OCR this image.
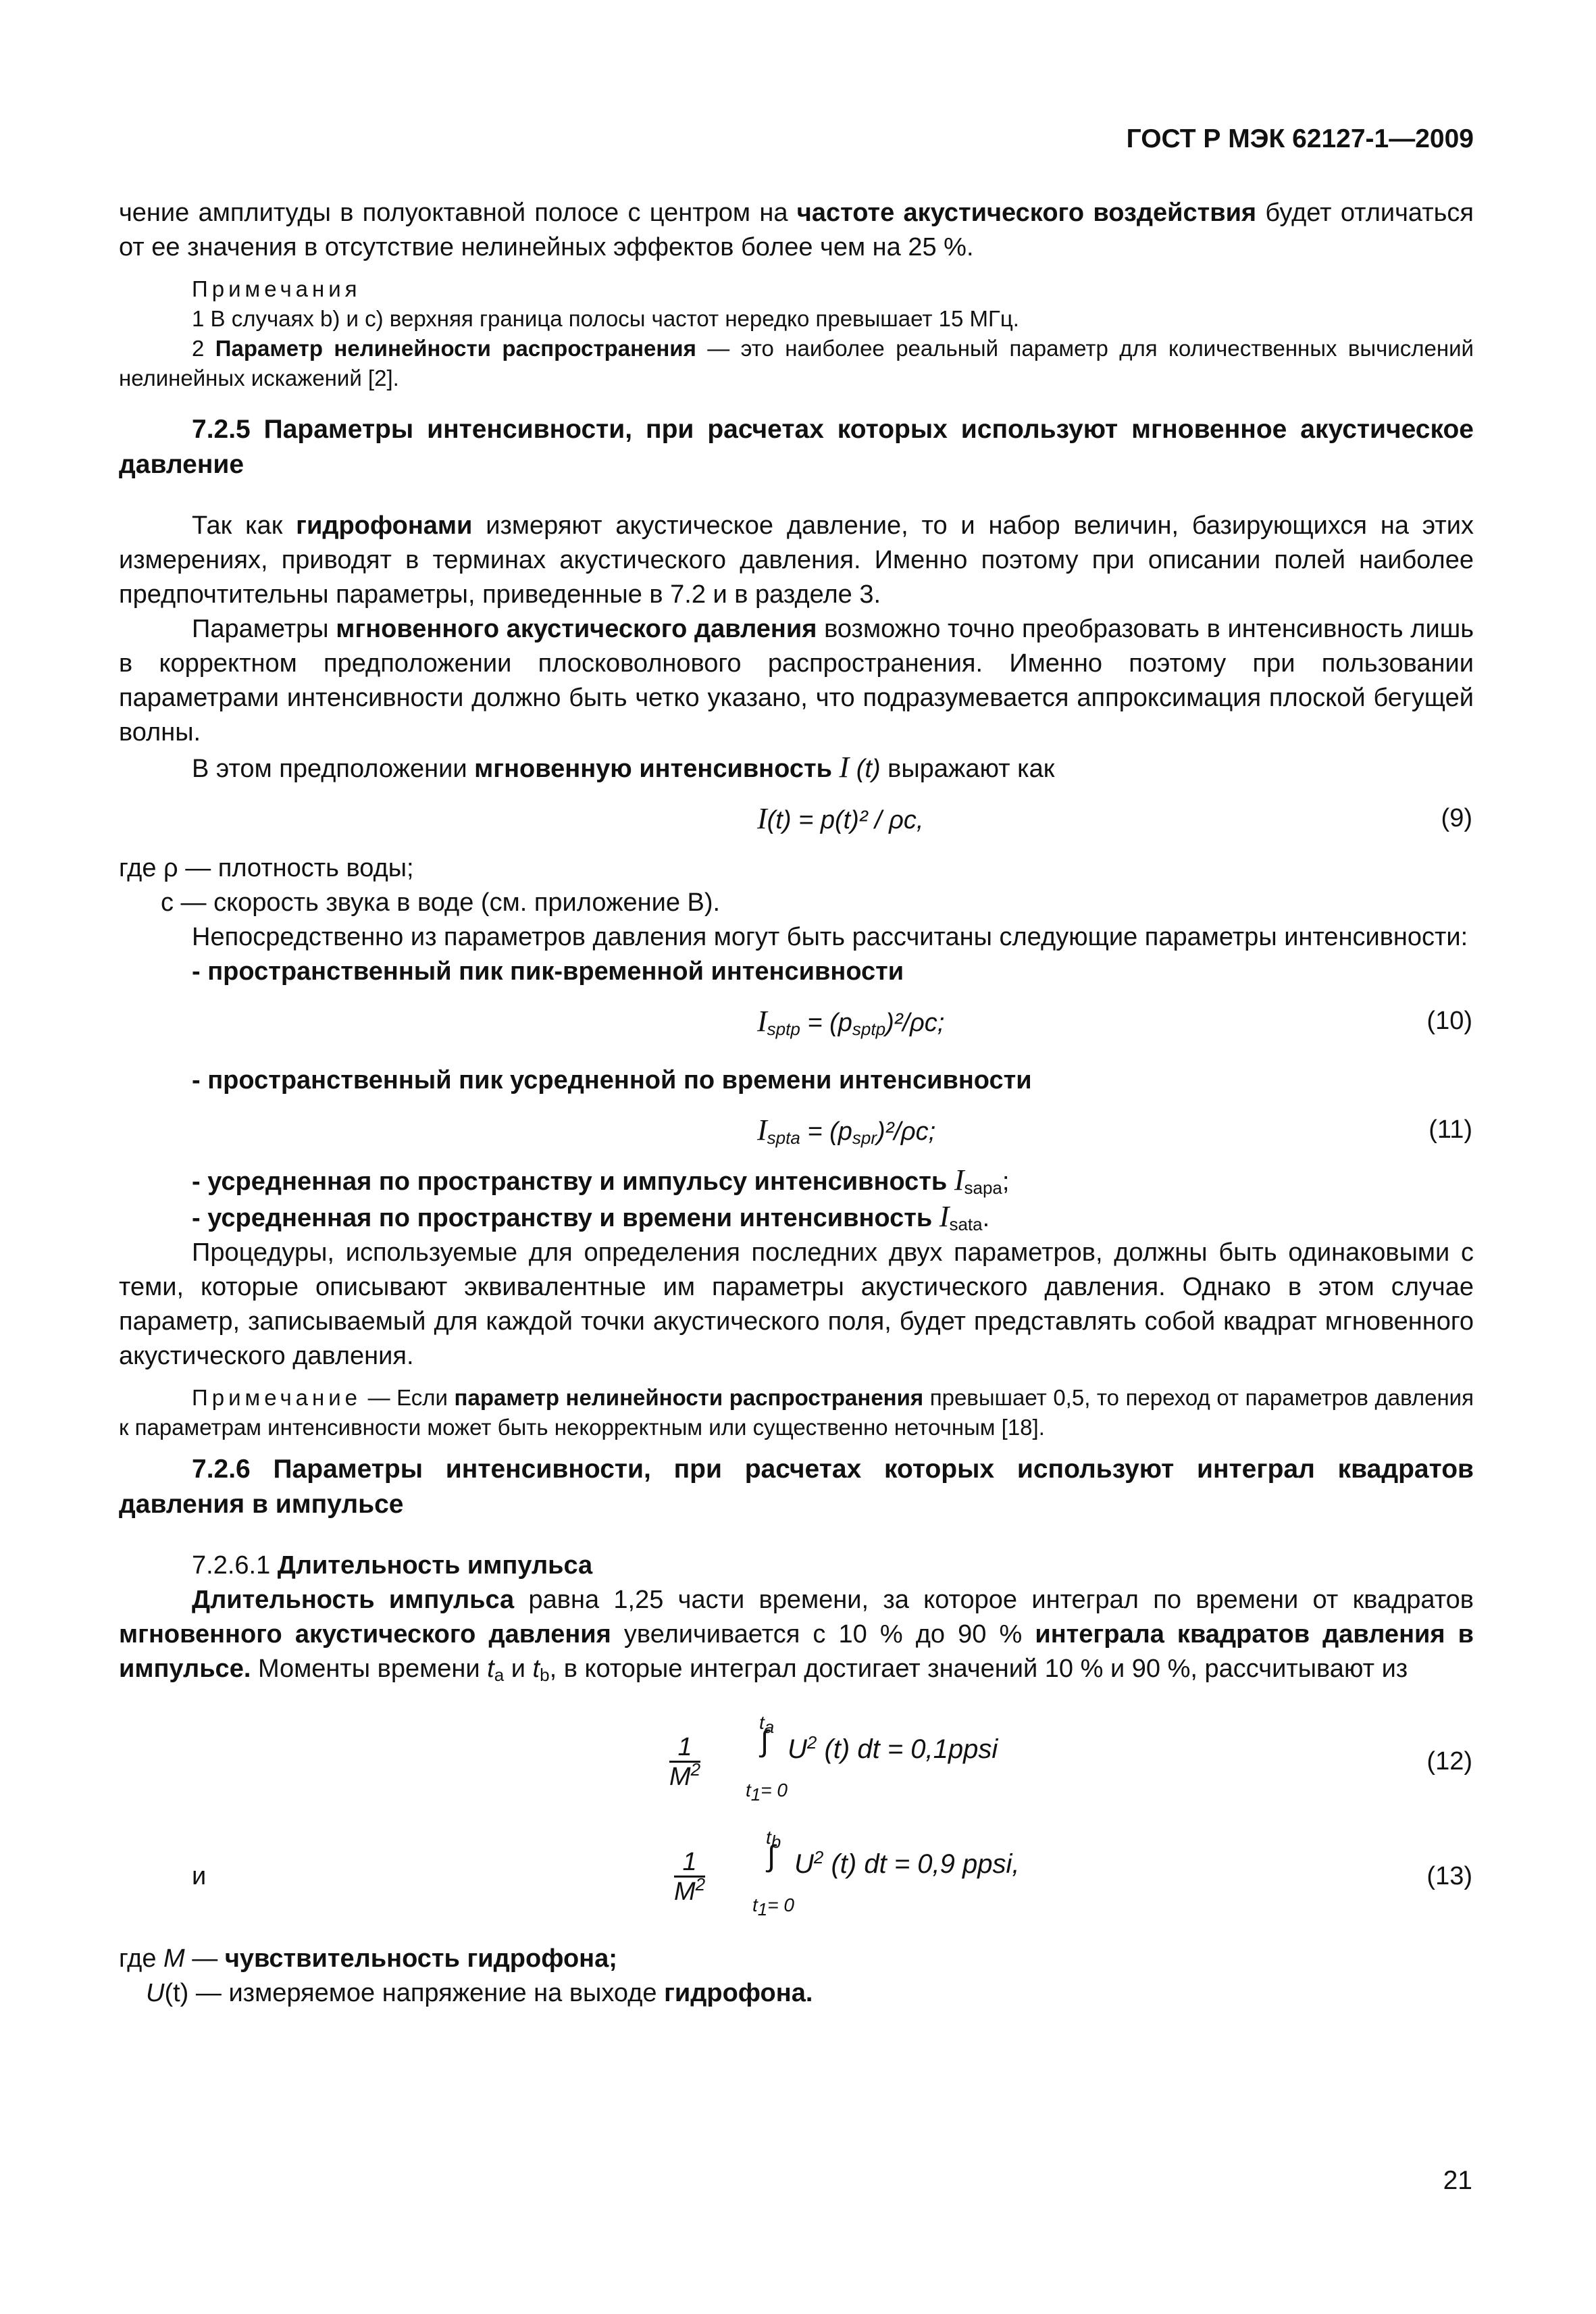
ГОСТ Р МЭК 62127-1—2009

чение амплитуды в полуоктавной полосе с центром на частоте акустического воздействия будет отличаться от ее значения в отсутствие нелинейных эффектов более чем на 25 %.

Примечания

1 В случаях b) и c) верхняя граница полосы частот нередко превышает 15 МГц.

2 Параметр нелинейности распространения — это наиболее реальный параметр для количественных вычислений нелинейных искажений [2].

7.2.5 Параметры интенсивности, при расчетах которых используют мгновенное акустическое давление

Так как гидрофонами измеряют акустическое давление, то и набор величин, базирующихся на этих измерениях, приводят в терминах акустического давления. Именно поэтому при описании полей наиболее предпочтительны параметры, приведенные в 7.2 и в разделе 3.

Параметры мгновенного акустического давления возможно точно преобразовать в интенсивность лишь в корректном предположении плосковолнового распространения. Именно поэтому при пользовании параметрами интенсивности должно быть четко указано, что подразумевается аппроксимация плоской бегущей волны.

В этом предположении мгновенную интенсивность I (t) выражают как

I(t) = p(t)² / ρc,	(9)

где ρ — плотность воды;

c — скорость звука в воде (см. приложение В).

Непосредственно из параметров давления могут быть рассчитаны следующие параметры интенсивности:

- пространственный пик пик-временной интенсивности

$I_{sptp} = (p_{sptp})^2/\rho c$;	(10)

- пространственный пик усредненной по времени интенсивности

$I_{spta} = (p_{spr})^2/\rho c$;	(11)

- усредненная по пространству и импульсу интенсивность $I_{sapa}$;

- усредненная по пространству и времени интенсивность $I_{sata}$.

Процедуры, используемые для определения последних двух параметров, должны быть одинаковыми с теми, которые описывают эквивалентные им параметры акустического давления. Однако в этом случае параметр, записываемый для каждой точки акустического поля, будет представлять собой квадрат мгновенного акустического давления.

Примечание — Если параметр нелинейности распространения превышает 0,5, то переход от параметров давления к параметрам интенсивности может быть некорректным или существенно неточным [18].

7.2.6 Параметры интенсивности, при расчетах которых используют интеграл квадратов давления в импульсе

7.2.6.1 Длительность импульса

Длительность импульса равна 1,25 части времени, за которое интеграл по времени от квадратов мгновенного акустического давления увеличивается с 10 % до 90 % интеграла квадратов давления в импульсе. Моменты времени $t_a$ и $t_b$, в которые интеграл достигает значений 10 % и 90 %, рассчитывают из

$\frac{1}{M^2}$
$t_a$
∫
$t_1= 0$
$U^2$ (t) dt = 0,1ppsi	(12)
и	$\frac{1}{M^2}$
$t_b$
∫
$t_1= 0$
$U^2$ (t) dt = 0,9 ppsi,	(13)

где M — чувствительность гидрофона;

U(t) — измеряемое напряжение на выходе гидрофона.

21
